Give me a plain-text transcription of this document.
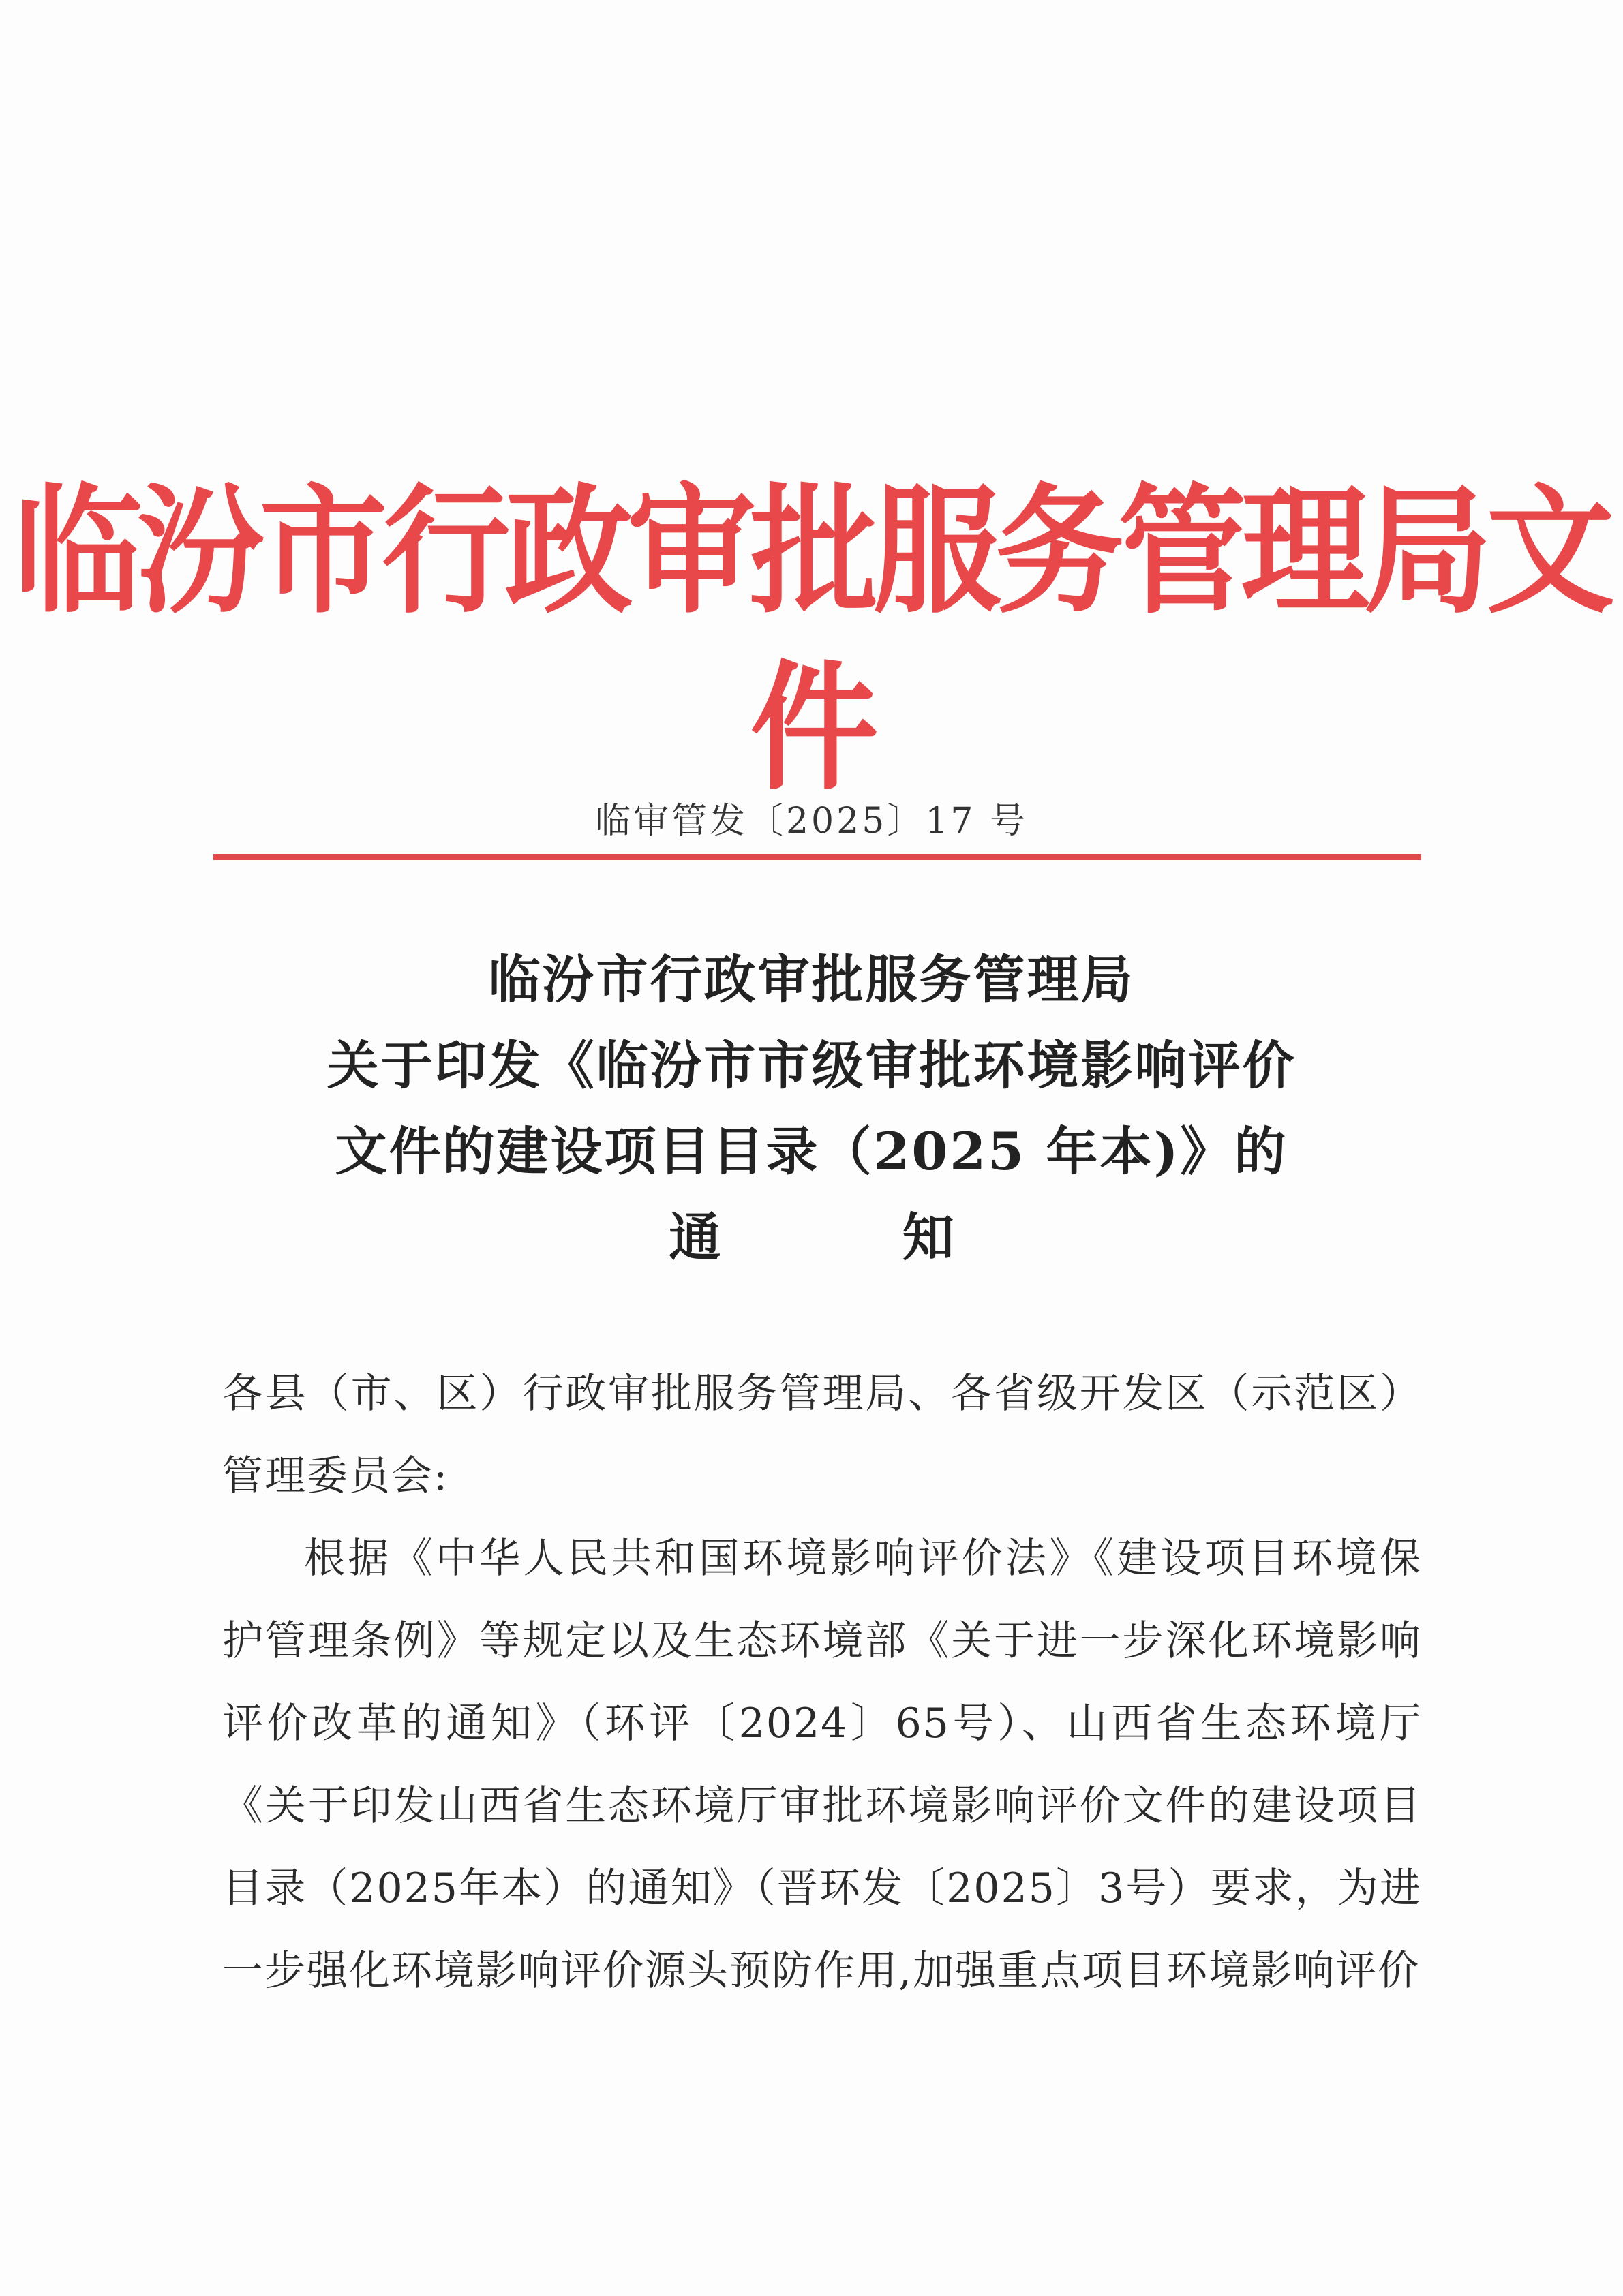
临汾市行政审批服务管理局文件
临审管发〔2025〕17 号
临汾市行政审批服务管理局
关于印发《临汾市市级审批环境影响评价
文件的建设项目目录（2025 年本)》的
通 知

各县（市、区）行政审批服务管理局、各省级开发区（示范区）管理委员会:

根据《中华人民共和国环境影响评价法》《建设项目环境保护管理条例》等规定以及生态环境部《关于进一步深化环境影响评价改革的通知》（环评〔2024〕65号）、山西省生态环境厅《关于印发山西省生态环境厅审批环境影响评价文件的建设项目目录（2025年本）的通知》（晋环发〔2025〕3号）要求，为进一步强化环境影响评价源头预防作用,加强重点项目环境影响评价
